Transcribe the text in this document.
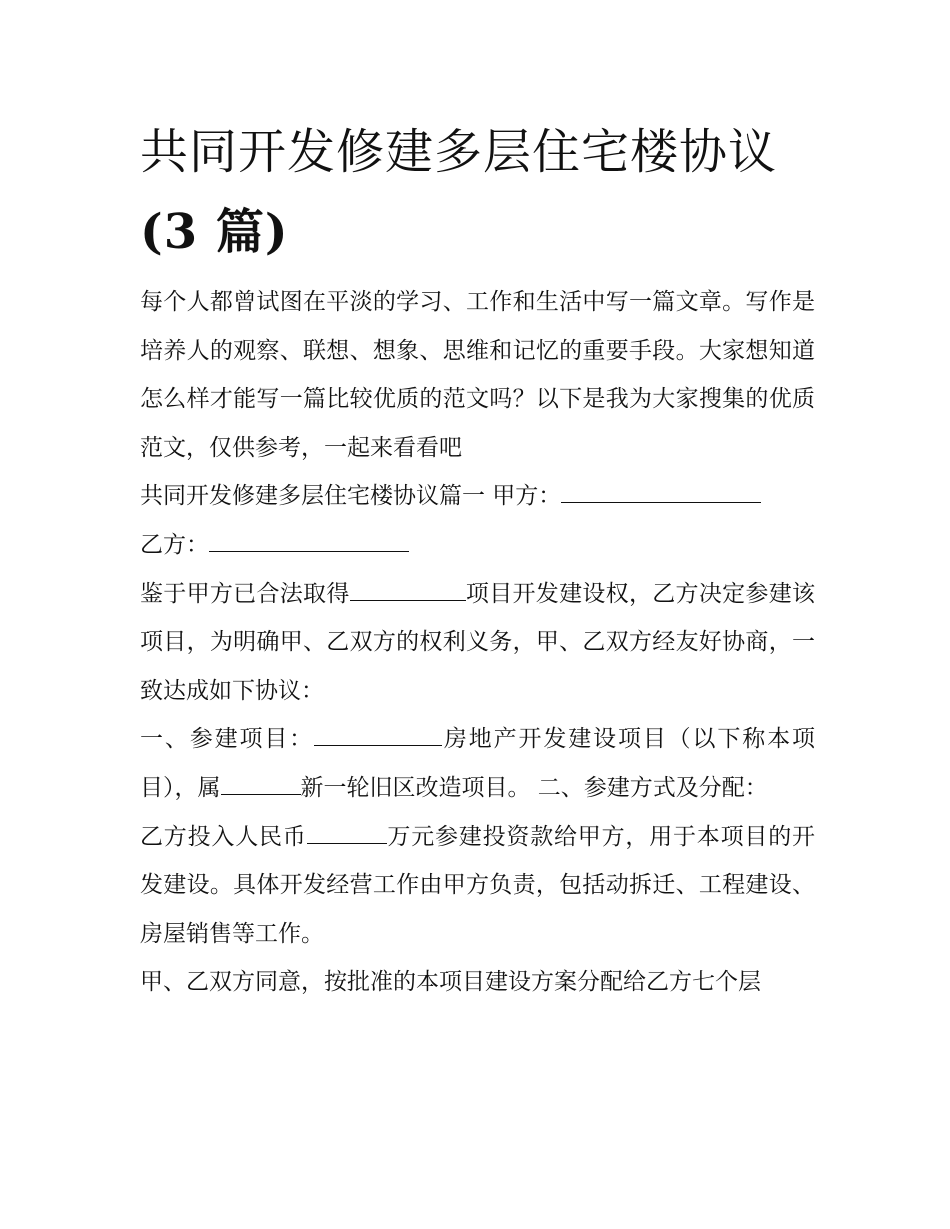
共同开发修建多层住宅楼协议
(3 篇)

每个人都曾试图在平淡的学习、工作和生活中写一篇文章。写作是培养人的观察、联想、想象、思维和记忆的重要手段。大家想知道怎么样才能写一篇比较优质的范文吗？以下是我为大家搜集的优质范文，仅供参考，一起来看看吧

共同开发修建多层住宅楼协议篇一 甲方：

乙方：

鉴于甲方已合法取得	项目开发建设权，乙方决定参建该项目，为明确甲、乙双方的权利义务，甲、乙双方经友好协商，一致达成如下协议：

一、参建项目：	房地产开发建设项目（以下称本项目），属	新一轮旧区改造项目。 二、参建方式及分配：

乙方投入人民币	万元参建投资款给甲方，用于本项目的开发建设。具体开发经营工作由甲方负责，包括动拆迁、工程建设、房屋销售等工作。

甲、乙双方同意，按批准的本项目建设方案分配给乙方七个层
